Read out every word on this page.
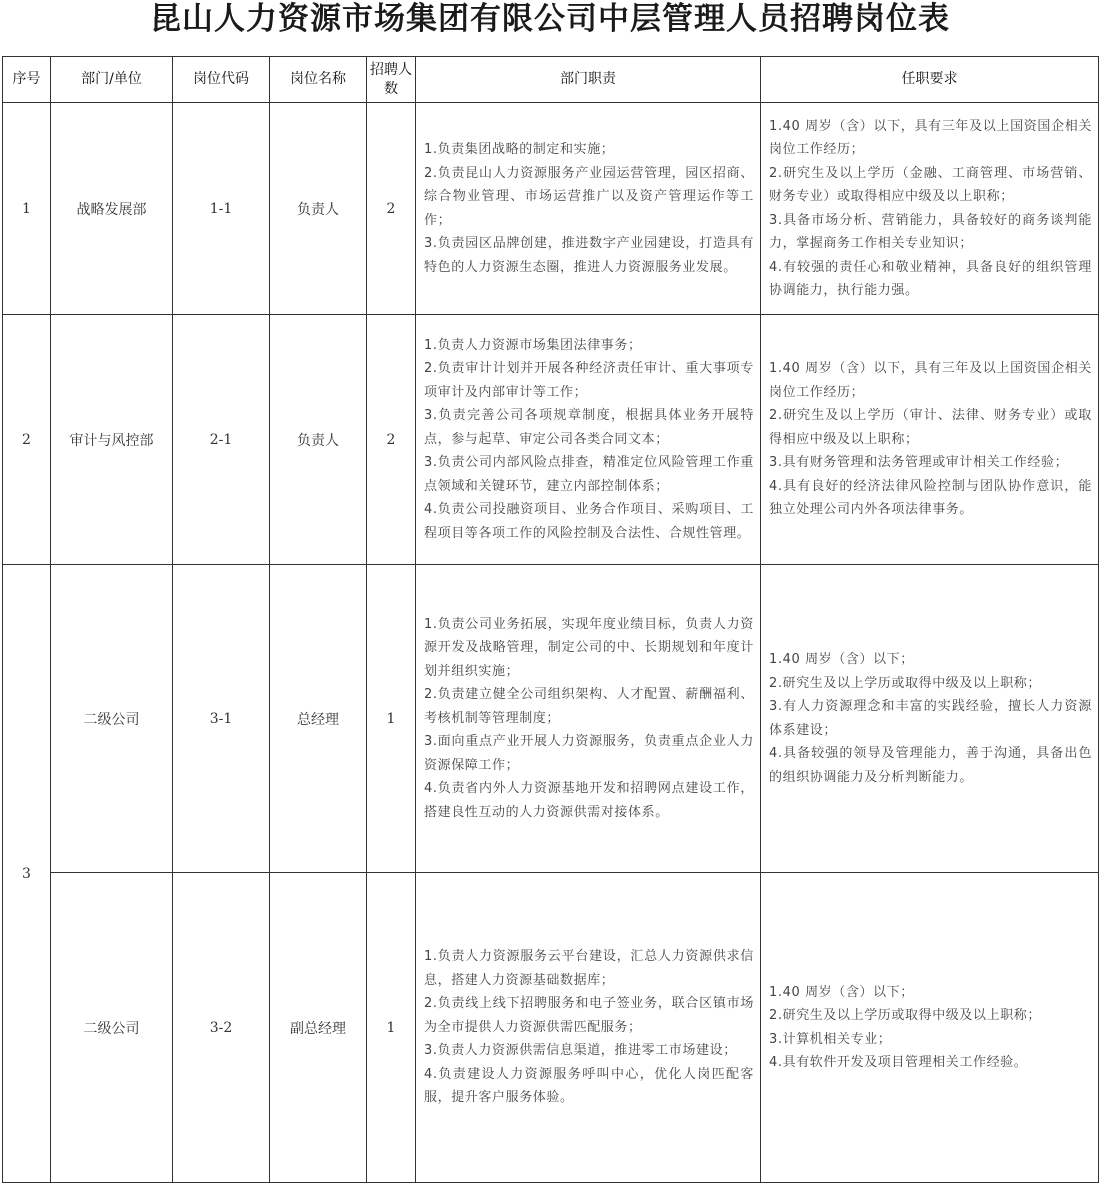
昆山人力资源市场集团有限公司中层管理人员招聘岗位表
序号	部门/单位	岗位代码	岗位名称	招聘人数	部门职责	任职要求
1	战略发展部	1-1	负责人	2	1.负责集团战略的制定和实施；
2.负责昆山人力资源服务产业园运营管理，园区招商、综合物业管理、市场运营推广以及资产管理运作等工作；
3.负责园区品牌创建，推进数字产业园建设，打造具有特色的人力资源生态圈，推进人力资源服务业发展。	1.40 周岁（含）以下，具有三年及以上国资国企相关岗位工作经历；
2.研究生及以上学历（金融、工商管理、市场营销、财务专业）或取得相应中级及以上职称；
3.具备市场分析、营销能力，具备较好的商务谈判能力，掌握商务工作相关专业知识；
4.有较强的责任心和敬业精神，具备良好的组织管理协调能力，执行能力强。

2	审计与风控部	2-1	负责人	2	1.负责人力资源市场集团法律事务；
2.负责审计计划并开展各种经济责任审计、重大事项专项审计及内部审计等工作；
3.负责完善公司各项规章制度，根据具体业务开展特点，参与起草、审定公司各类合同文本；
3.负责公司内部风险点排查，精准定位风险管理工作重点领域和关键环节，建立内部控制体系；
4.负责公司投融资项目、业务合作项目、采购项目、工程项目等各项工作的风险控制及合法性、合规性管理。	1.40 周岁（含）以下，具有三年及以上国资国企相关岗位工作经历；
2.研究生及以上学历（审计、法律、财务专业）或取得相应中级及以上职称；
3.具有财务管理和法务管理或审计相关工作经验；
4.具有良好的经济法律风险控制与团队协作意识，能独立处理公司内外各项法律事务。

3	二级公司	3-1	总经理	1	1.负责公司业务拓展，实现年度业绩目标，负责人力资源开发及战略管理，制定公司的中、长期规划和年度计划并组织实施；
2.负责建立健全公司组织架构、人才配置、薪酬福利、考核机制等管理制度；
3.面向重点产业开展人力资源服务，负责重点企业人力资源保障工作；
4.负责省内外人力资源基地开发和招聘网点建设工作，搭建良性互动的人力资源供需对接体系。	1.40 周岁（含）以下；
2.研究生及以上学历或取得中级及以上职称；
3.有人力资源理念和丰富的实践经验，擅长人力资源体系建设；
4.具备较强的领导及管理能力，善于沟通，具备出色的组织协调能力及分析判断能力。

	二级公司	3-2	副总经理	1	1.负责人力资源服务云平台建设，汇总人力资源供求信息，搭建人力资源基础数据库；
2.负责线上线下招聘服务和电子签业务，联合区镇市场为全市提供人力资源供需匹配服务；
3.负责人力资源供需信息渠道，推进零工市场建设；
4.负责建设人力资源服务呼叫中心，优化人岗匹配客服，提升客户服务体验。	1.40 周岁（含）以下；
2.研究生及以上学历或取得中级及以上职称；
3.计算机相关专业；
4.具有软件开发及项目管理相关工作经验。
